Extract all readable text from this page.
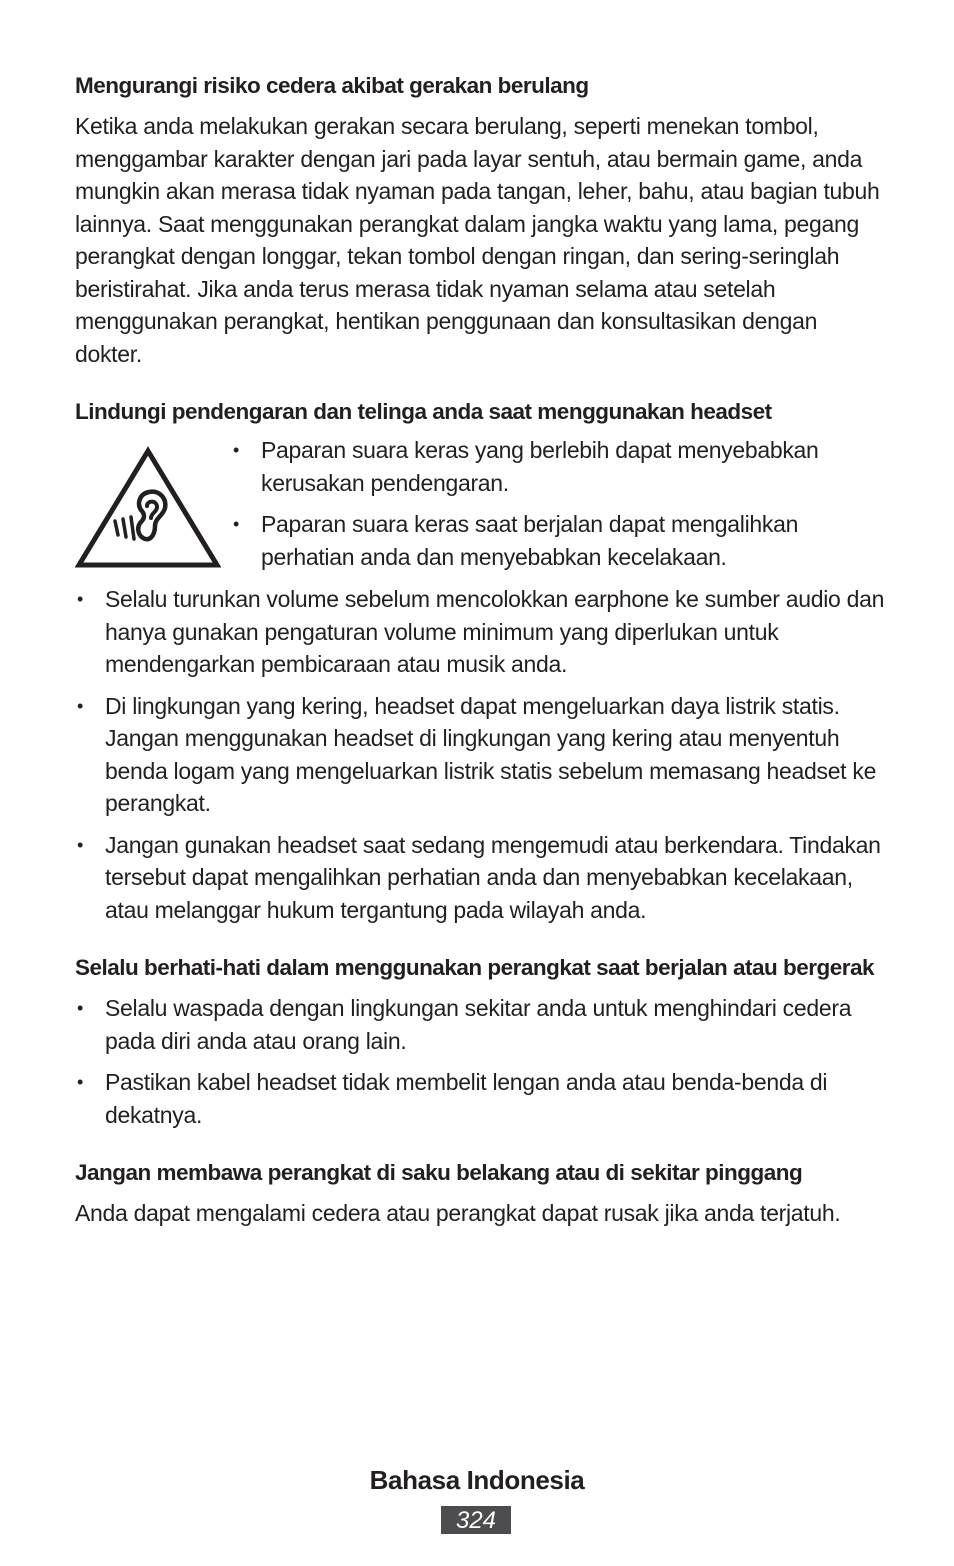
Mengurangi risiko cedera akibat gerakan berulang

Ketika anda melakukan gerakan secara berulang, seperti menekan tombol, menggambar karakter dengan jari pada layar sentuh, atau bermain game, anda mungkin akan merasa tidak nyaman pada tangan, leher, bahu, atau bagian tubuh lainnya. Saat menggunakan perangkat dalam jangka waktu yang lama, pegang perangkat dengan longgar, tekan tombol dengan ringan, dan sering-seringlah beristirahat. Jika anda terus merasa tidak nyaman selama atau setelah menggunakan perangkat, hentikan penggunaan dan konsultasikan dengan dokter.

Lindungi pendengaran dan telinga anda saat menggunakan headset

• Paparan suara keras yang berlebih dapat menyebabkan kerusakan pendengaran.
• Paparan suara keras saat berjalan dapat mengalihkan perhatian anda dan menyebabkan kecelakaan.
• Selalu turunkan volume sebelum mencolokkan earphone ke sumber audio dan hanya gunakan pengaturan volume minimum yang diperlukan untuk mendengarkan pembicaraan atau musik anda.
• Di lingkungan yang kering, headset dapat mengeluarkan daya listrik statis. Jangan menggunakan headset di lingkungan yang kering atau menyentuh benda logam yang mengeluarkan listrik statis sebelum memasang headset ke perangkat.
• Jangan gunakan headset saat sedang mengemudi atau berkendara. Tindakan tersebut dapat mengalihkan perhatian anda dan menyebabkan kecelakaan, atau melanggar hukum tergantung pada wilayah anda.

Selalu berhati-hati dalam menggunakan perangkat saat berjalan atau bergerak

• Selalu waspada dengan lingkungan sekitar anda untuk menghindari cedera pada diri anda atau orang lain.
• Pastikan kabel headset tidak membelit lengan anda atau benda-benda di dekatnya.

Jangan membawa perangkat di saku belakang atau di sekitar pinggang

Anda dapat mengalami cedera atau perangkat dapat rusak jika anda terjatuh.

Bahasa Indonesia
324
